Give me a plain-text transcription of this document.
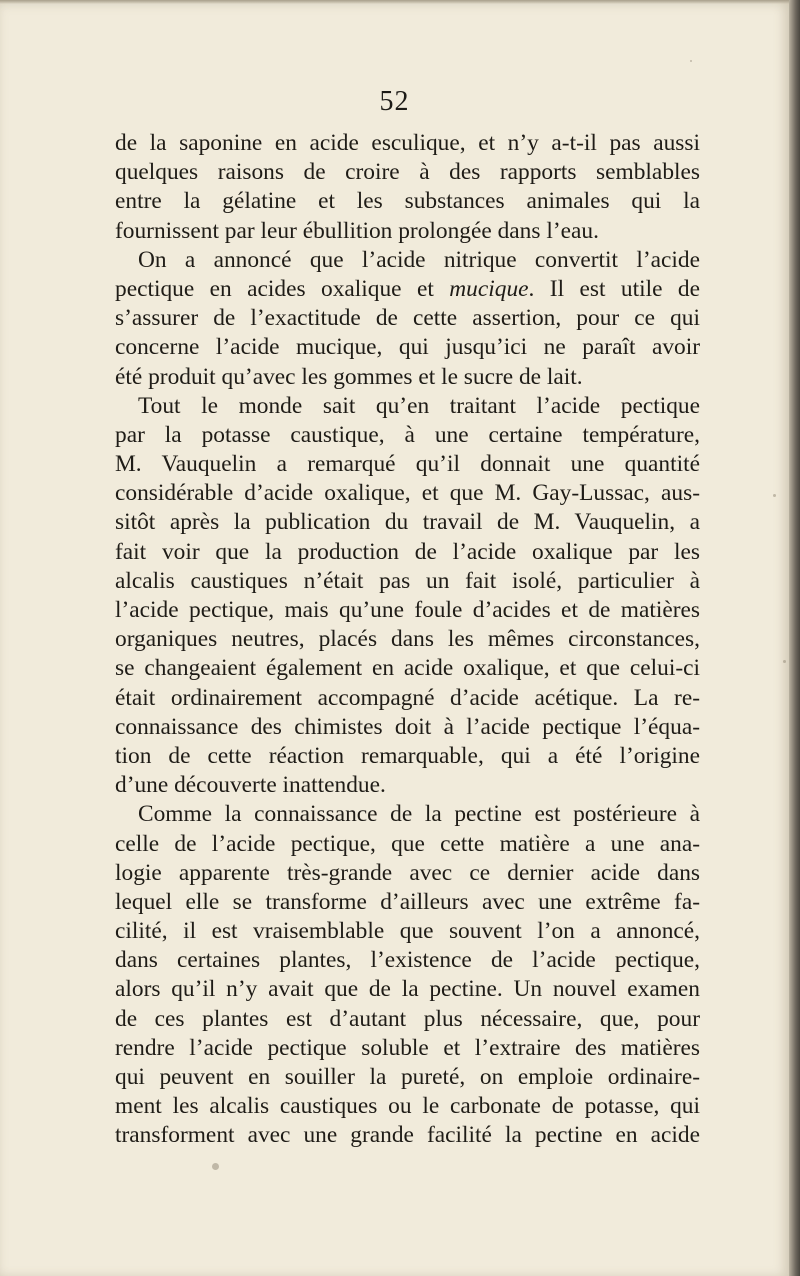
52
de la saponine en acide esculique, et n’y a-t-il pas aussi
quelques raisons de croire à des rapports semblables
entre la gélatine et les substances animales qui la
fournissent par leur ébullition prolongée dans l’eau.
On a annoncé que l’acide nitrique convertit l’acide
pectique en acides oxalique et mucique. Il est utile de
s’assurer de l’exactitude de cette assertion, pour ce qui
concerne l’acide mucique, qui jusqu’ici ne paraît avoir
été produit qu’avec les gommes et le sucre de lait.
Tout le monde sait qu’en traitant l’acide pectique
par la potasse caustique, à une certaine température,
M. Vauquelin a remarqué qu’il donnait une quantité
considérable d’acide oxalique, et que M. Gay-Lussac, aus-
sitôt après la publication du travail de M. Vauquelin, a
fait voir que la production de l’acide oxalique par les
alcalis caustiques n’était pas un fait isolé, particulier à
l’acide pectique, mais qu’une foule d’acides et de matières
organiques neutres, placés dans les mêmes circonstances,
se changeaient également en acide oxalique, et que celui-ci
était ordinairement accompagné d’acide acétique. La re-
connaissance des chimistes doit à l’acide pectique l’équa-
tion de cette réaction remarquable, qui a été l’origine
d’une découverte inattendue.
Comme la connaissance de la pectine est postérieure à
celle de l’acide pectique, que cette matière a une ana-
logie apparente très-grande avec ce dernier acide dans
lequel elle se transforme d’ailleurs avec une extrême fa-
cilité, il est vraisemblable que souvent l’on a annoncé,
dans certaines plantes, l’existence de l’acide pectique,
alors qu’il n’y avait que de la pectine. Un nouvel examen
de ces plantes est d’autant plus nécessaire, que, pour
rendre l’acide pectique soluble et l’extraire des matières
qui peuvent en souiller la pureté, on emploie ordinaire-
ment les alcalis caustiques ou le carbonate de potasse, qui
transforment avec une grande facilité la pectine en acide
